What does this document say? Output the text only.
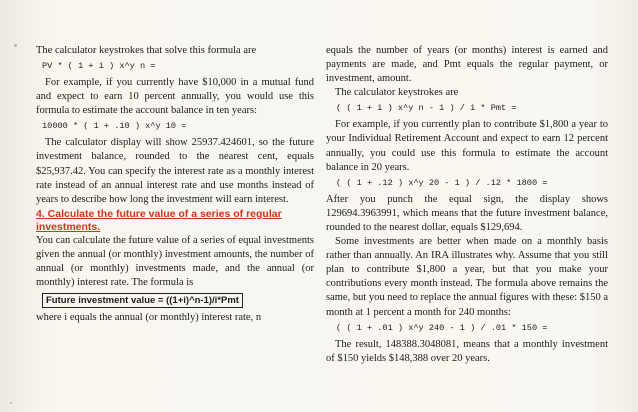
The calculator keystrokes that solve this formula are

PV * ( 1 + i ) x^y n =

For example, if you currently have $10,000 in a mutual fund and expect to earn 10 percent annually, you would use this formula to estimate the account balance in ten years:

10000 * ( 1 + .10 ) x^y 10 =

The calculator display will show 25937.424601, so the future investment balance, rounded to the nearest cent, equals $25,937.42. You can specify the interest rate as a monthly interest rate instead of an annual interest rate and use months instead of years to describe how long the investment will earn interest.

4. Calculate the future value of a series of regular investments.

You can calculate the future value of a series of equal investments given the annual (or monthly) investment amounts, the number of annual (or monthly) investments made, and the annual (or monthly) interest rate. The formula is

Future investment value = ((1+i)^n-1)/i*Pmt

where i equals the annual (or monthly) interest rate, n

equals the number of years (or months) interest is earned and payments are made, and Pmt equals the regular payment, or investment, amount.

The calculator keystrokes are

( ( 1 + i ) x^y n - 1 ) / i * Pmt =

For example, if you currently plan to contribute $1,800 a year to your Individual Retirement Account and expect to earn 12 percent annually, you could use this formula to estimate the account balance in 20 years.

( ( 1 + .12 ) x^y 20 - 1 ) / .12 * 1800 =

After you punch the equal sign, the display shows 129694.3963991, which means that the future investment balance, rounded to the nearest dollar, equals $129,694.

Some investments are better when made on a monthly basis rather than annually. An IRA illustrates why. Assume that you still plan to contribute $1,800 a year, but that you make your contributions every month instead. The formula above remains the same, but you need to replace the annual figures with these: $150 a month at 1 percent a month for 240 months:

( ( 1 + .01 ) x^y 240 - 1 ) / .01 * 150 =

The result, 148388.3048081, means that a monthly investment of $150 yields $148,388 over 20 years.
